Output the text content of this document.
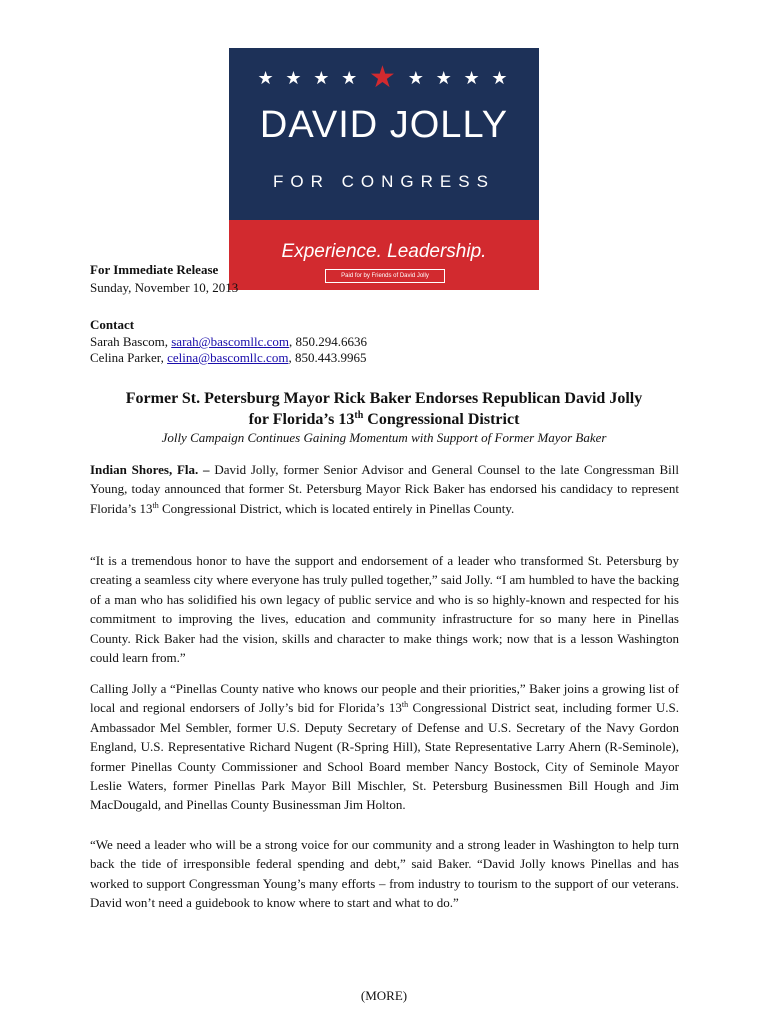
★ ★ ★ ★ ★ ★ ★ ★ ★
DAVID JOLLY
FOR CONGRESS
Experience. Leadership.
Paid for by Friends of David Jolly
For Immediate Release
Sunday, November 10, 2013
Contact
Sarah Bascom, sarah@bascomllc.com, 850.294.6636
Celina Parker, celina@bascomllc.com, 850.443.9965
Former St. Petersburg Mayor Rick Baker Endorses Republican David Jolly
for Florida’s 13th Congressional District
Jolly Campaign Continues Gaining Momentum with Support of Former Mayor Baker

Indian Shores, Fla. – David Jolly, former Senior Advisor and General Counsel to the late Congressman Bill Young, today announced that former St. Petersburg Mayor Rick Baker has endorsed his candidacy to represent Florida’s 13th Congressional District, which is located entirely in Pinellas County.

“It is a tremendous honor to have the support and endorsement of a leader who transformed St. Petersburg by creating a seamless city where everyone has truly pulled together,” said Jolly. “I am humbled to have the backing of a man who has solidified his own legacy of public service and who is so highly-known and respected for his commitment to improving the lives, education and community infrastructure for so many here in Pinellas County. Rick Baker had the vision, skills and character to make things work; now that is a lesson Washington could learn from.”

Calling Jolly a “Pinellas County native who knows our people and their priorities,” Baker joins a growing list of local and regional endorsers of Jolly’s bid for Florida’s 13th Congressional District seat, including former U.S. Ambassador Mel Sembler, former U.S. Deputy Secretary of Defense and U.S. Secretary of the Navy Gordon England, U.S. Representative Richard Nugent (R-Spring Hill), State Representative Larry Ahern (R-Seminole), former Pinellas County Commissioner and School Board member Nancy Bostock, City of Seminole Mayor Leslie Waters, former Pinellas Park Mayor Bill Mischler, St. Petersburg Businessmen Bill Hough and Jim MacDougald, and Pinellas County Businessman Jim Holton.

“We need a leader who will be a strong voice for our community and a strong leader in Washington to help turn back the tide of irresponsible federal spending and debt,” said Baker. “David Jolly knows Pinellas and has worked to support Congressman Young’s many efforts – from industry to tourism to the support of our veterans. David won’t need a guidebook to know where to start and what to do.”

(MORE)
